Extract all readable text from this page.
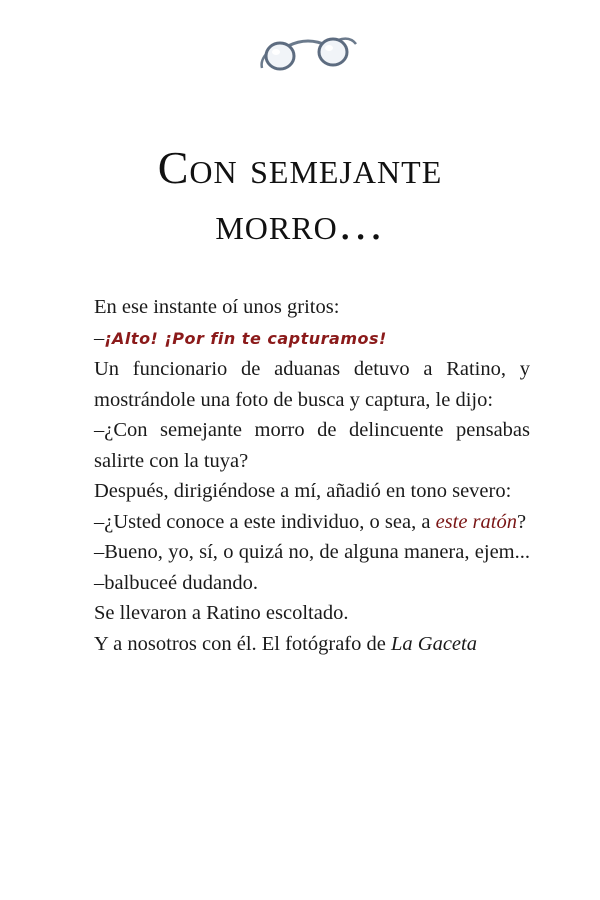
Con semejante
morro…

En ese instante oí unos gritos:

–¡Alto! ¡Por fin te capturamos!

Un funcionario de aduanas detuvo a Ratino, y mostrándole una foto de busca y captura, le dijo:

–¿Con semejante morro de delincuente pensabas salirte con la tuya?

Después, dirigiéndose a mí, añadió en tono severo:

–¿Usted conoce a este individuo, o sea, a este ratón?

–Bueno, yo, sí, o quizá no, de alguna manera, ejem... –balbuceé dudando.

Se llevaron a Ratino escoltado.

Y a nosotros con él. El fotógrafo de La Gaceta
